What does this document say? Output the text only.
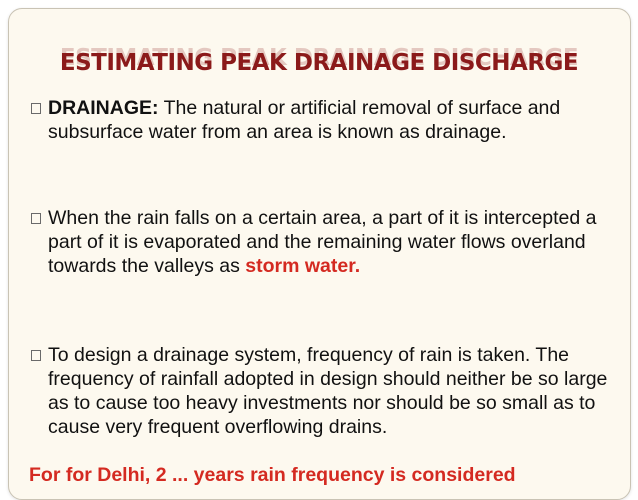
ESTIMATING PEAK DRAINAGE DISCHARGE

DRAINAGE: The natural or artificial removal of surface and subsurface water from an area is known as drainage.

When the rain falls on a certain area, a part of it is intercepted a part of it is evaporated and the remaining water flows overland towards the valleys as storm water.

To design a drainage system, frequency of rain is taken. The frequency of rainfall adopted in design should neither be so large as to cause too heavy investments nor should be so small as to cause very frequent overflowing drains.

For for Delhi, 2 ... years rain frequency is considered
